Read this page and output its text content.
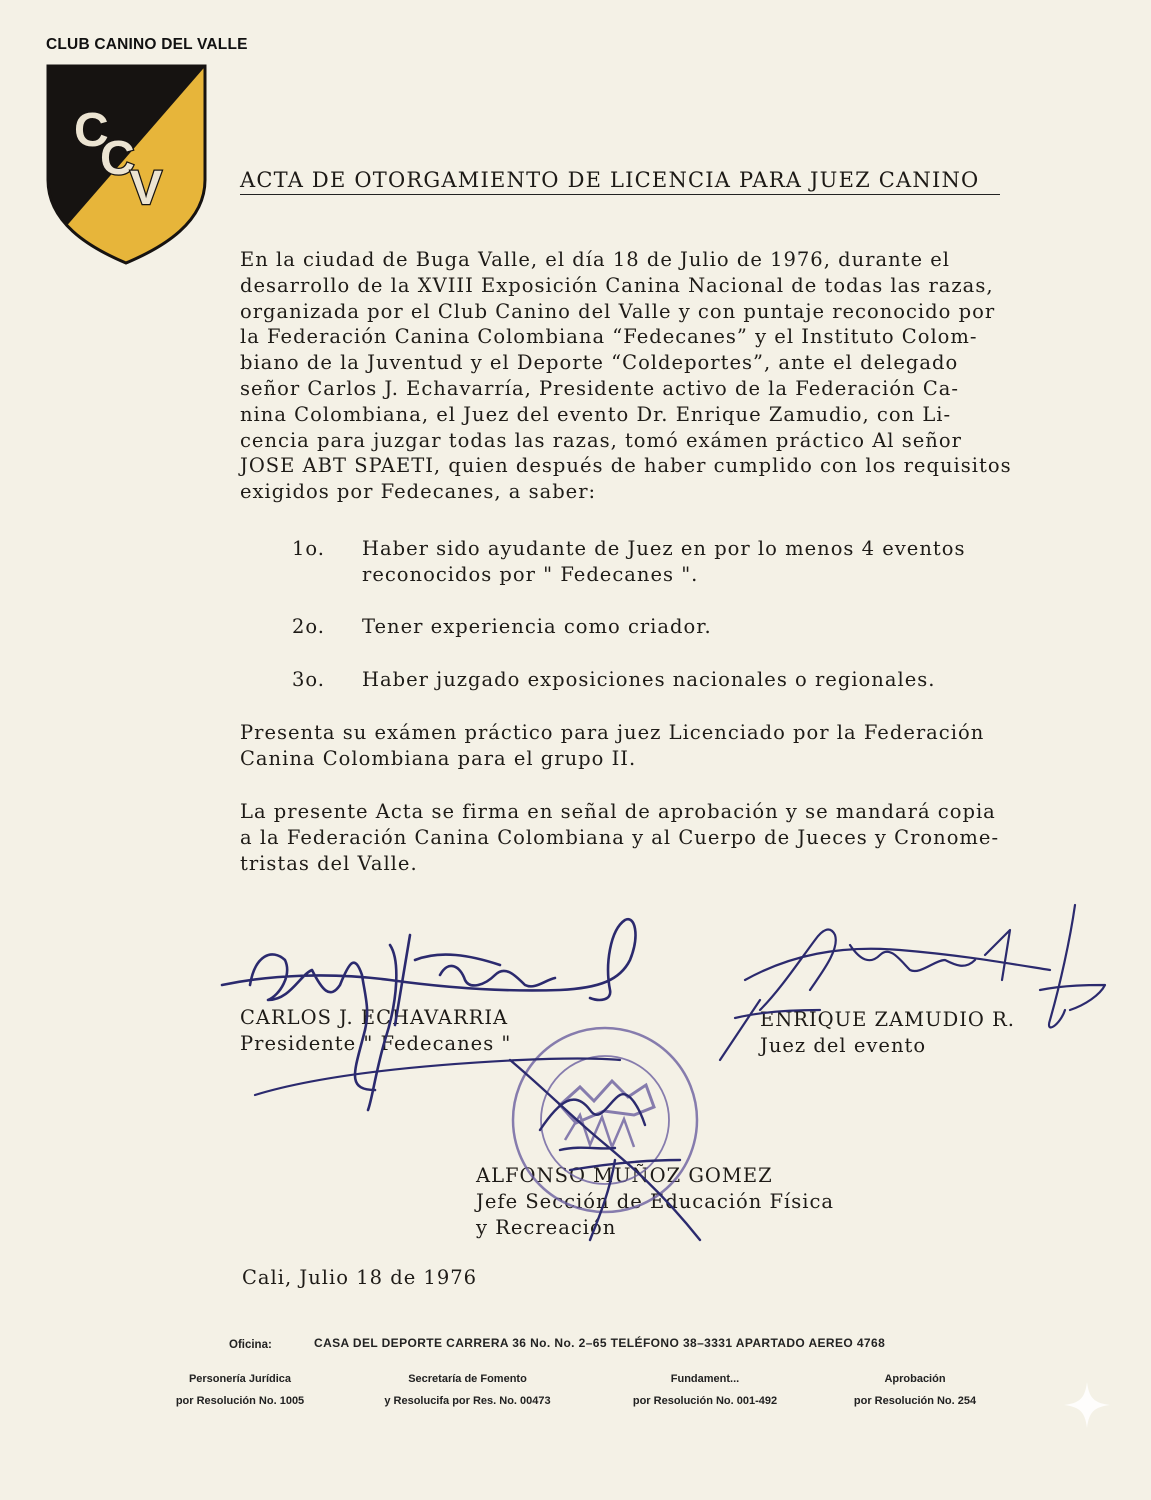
CLUB CANINO DEL VALLE
C
C
V	ACTA DE OTORGAMIENTO DE LICENCIA PARA JUEZ CANINO
En la ciudad de Buga Valle, el día 18 de Julio de 1976, durante el
desarrollo de la XVIII Exposición Canina Nacional de todas las razas,
organizada por el Club Canino del Valle y con puntaje reconocido por
la Federación Canina Colombiana “Fedecanes” y el Instituto Colom-
biano de la Juventud y el Deporte “Coldeportes”, ante el delegado
señor Carlos J. Echavarría, Presidente activo de la Federación Ca-
nina Colombiana, el Juez del evento Dr. Enrique Zamudio, con Li-
cencia para juzgar todas las razas, tomó exámen práctico Al señor
JOSE ABT SPAETI, quien después de haber cumplido con los requisitos
exigidos por Fedecanes, a saber:
1o. Haber sido ayudante de Juez en por lo menos 4 eventos
reconocidos por " Fedecanes ".
2o. Tener experiencia como criador.
3o. Haber juzgado exposiciones nacionales o regionales.
Presenta su exámen práctico para juez Licenciado por la Federación
Canina Colombiana para el grupo II.
La presente Acta se firma en señal de aprobación y se mandará copia
a la Federación Canina Colombiana y al Cuerpo de Jueces y Cronome-
tristas del Valle.
CARLOS J. ECHAVARRIA
Presidente " Fedecanes "
ENRIQUE ZAMUDIO R.
Juez del evento
ALFONSO MUÑOZ GOMEZ
Jefe Sección de Educación Física
y Recreación
Cali, Julio 18 de 1976
Oficina:	CASA DEL DEPORTE CARRERA 36 No. No. 2–65 TELÉFONO 38–3331 APARTADO AEREO 4768
Personería Jurídica
por Resolución No. 1005
Secretaría de Fomento
y Resolucifa por Res. No. 00473
Fundament...
por Resolución No. 001-492
Aprobación
por Resolución No. 254
